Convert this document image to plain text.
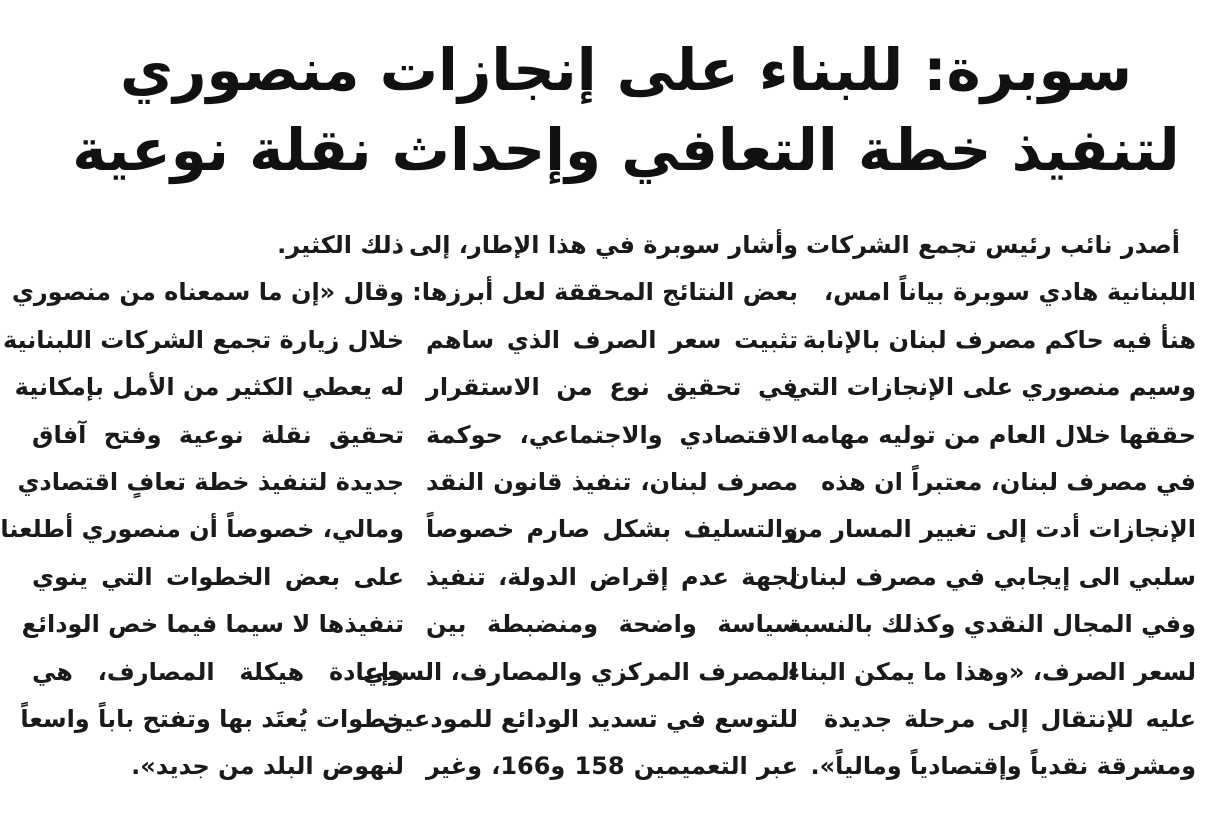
سوبرة: للبناء على إنجازات منصوري
لتنفيذ خطة التعافي وإحداث نقلة نوعية
أصدر نائب رئيس تجمع الشركات
اللبنانية هادي سوبرة بياناً امس،
هنأ فيه حاكم مصرف لبنان بالإنابة
وسيم منصوري على الإنجازات التي
حققها خلال العام من توليه مهامه
في مصرف لبنان، معتبراً ان هذه
الإنجازات أدت إلى تغيير المسار من
سلبي الى إيجابي في مصرف لبنان
وفي المجال النقدي وكذلك بالنسبة
لسعر الصرف، «وهذا ما يمكن البناء
عليه للإنتقال إلى مرحلة جديدة
ومشرقة نقدياً وإقتصادياً ومالياً».
وأشار سوبرة في هذا الإطار، إلى
بعض النتائج المحققة لعل أبرزها:
تثبيت سعر الصرف الذي ساهم
في تحقيق نوع من الاستقرار
الاقتصادي والاجتماعي، حوكمة
مصرف لبنان، تنفيذ قانون النقد
والتسليف بشكل صارم خصوصاً
لجهة عدم إقراض الدولة، تنفيذ
سياسة واضحة ومنضبطة بين
المصرف المركزي والمصارف، السعي
للتوسع في تسديد الودائع للمودعين
عبر التعميمين 158 و166، وغير
ذلك الكثير.
وقال «إن ما سمعناه من منصوري
خلال زيارة تجمع الشركات اللبنانية
له يعطي الكثير من الأمل بإمكانية
تحقيق نقلة نوعية وفتح آفاق
جديدة لتنفيذ خطة تعافٍ اقتصادي
ومالي، خصوصاً أن منصوري أطلعنا
على بعض الخطوات التي ينوي
تنفيذها لا سيما فيما خص الودائع
وإعادة هيكلة المصارف، هي
خطوات يُعتَد بها وتفتح باباً واسعاً
لنهوض البلد من جديد».
